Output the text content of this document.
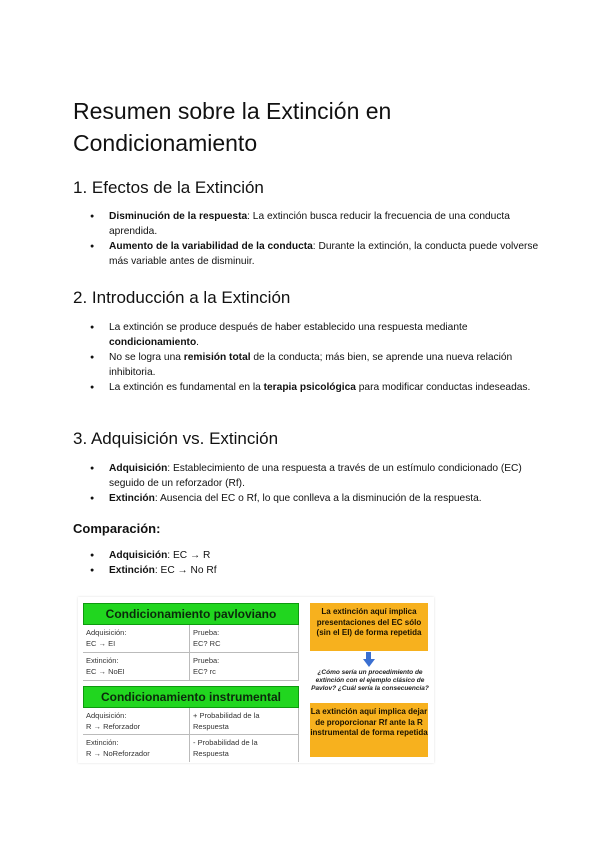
Resumen sobre la Extinción en Condicionamiento
1. Efectos de la Extinción
● Disminución de la respuesta: La extinción busca reducir la frecuencia de una conducta aprendida.
● Aumento de la variabilidad de la conducta: Durante la extinción, la conducta puede volverse más variable antes de disminuir.
2. Introducción a la Extinción
● La extinción se produce después de haber establecido una respuesta mediante condicionamiento.
● No se logra una remisión total de la conducta; más bien, se aprende una nueva relación inhibitoria.
● La extinción es fundamental en la terapia psicológica para modificar conductas indeseadas.
3. Adquisición vs. Extinción
● Adquisición: Establecimiento de una respuesta a través de un estímulo condicionado (EC) seguido de un reforzador (Rf).
● Extinción: Ausencia del EC o Rf, lo que conlleva a la disminución de la respuesta.
Comparación:
● Adquisición: EC → R
● Extinción: EC → No Rf
Condicionamiento pavloviano
Adquisición:
EC → EI
Prueba:
EC? RC
Extinción:
EC → NoEI
Prueba:
EC? rc
Condicionamiento instrumental
Adquisición:
R → Reforzador
+ Probabilidad de la
Respuesta
Extinción:
R → NoReforzador
- Probabilidad de la
Respuesta
La extinción aquí implica presentaciones del EC sólo (sin el EI) de forma repetida
¿Cómo sería un procedimiento de extinción con el ejemplo clásico de Pavlov? ¿Cuál sería la consecuencia?
La extinción aquí implica dejar de proporcionar Rf ante la R instrumental de forma repetida
